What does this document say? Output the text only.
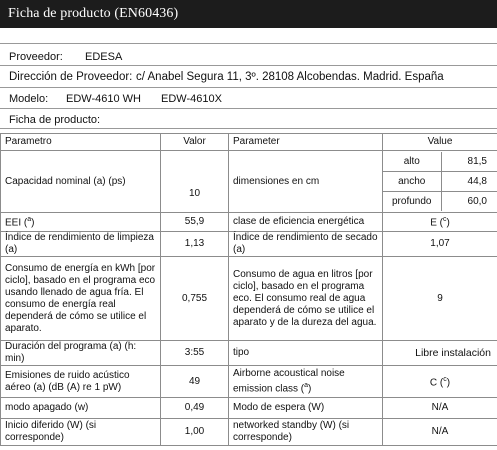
Ficha de producto (EN60436)
Proveedor: EDESA
Dirección de Proveedor: c/ Anabel Segura 11, 3º. 28108 Alcobendas. Madrid. España
Modelo: EDW-4610 WH EDW-4610X
Ficha de producto:
Parametro	Valor	Parameter	Value
Capacidad nominal (a) (ps)	10	dimensiones en cm	
alto	81,5
ancho	44,8
profundo	60,0

EEI ($^a$)	55,9	clase de eficiencia energética	E ($^c$)
Índice de rendimiento de limpieza (a)	1,13	Índice de rendimiento de secado (a)	1,07
Consumo de energía en kWh [por ciclo], basado en el programa eco usando llenado de agua fría. El consumo de energía real dependerá de cómo se utilice el aparato.	0,755	Consumo de agua en litros [por ciclo], basado en el programa eco. El consumo real de agua dependerá de cómo se utilice el aparato y de la dureza del agua.	9
Duración del programa (a) (h: min)	3:55	tipo	Libre instalación
Emisiones de ruido acústico aéreo (a) (dB (A) re 1 pW)	49	Airborne acoustical noise emission class ($^a$)	C ($^c$)
modo apagado (w)	0,49	Modo de espera (W)	N/A
Inicio diferido (W) (si corresponde)	1,00	networked standby (W) (si corresponde)	N/A
